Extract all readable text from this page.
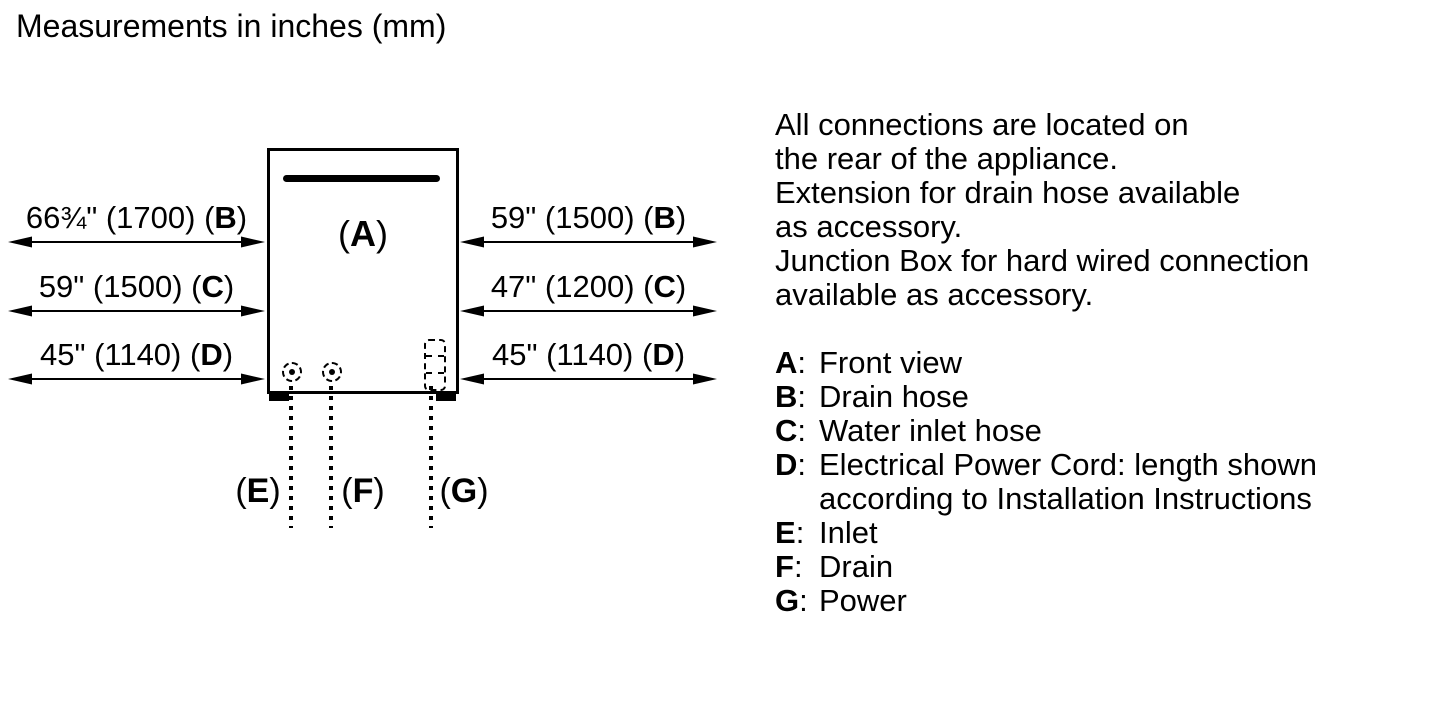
Measurements in inches (mm)
(A)
(E)	(F)	(G)
66¾" (1700) (B)
59" (1500) (C)
45" (1140) (D)
59" (1500) (B)
47" (1200) (C)
45" (1140) (D)
All connections are located on
the rear of the appliance.
Extension for drain hose available
as accessory.
Junction Box for hard wired connection
available as accessory.
A: Front view
B: Drain hose
C: Water inlet hose
D: Electrical Power Cord: length shown
according to Installation Instructions
E: Inlet
F: Drain
G: Power
